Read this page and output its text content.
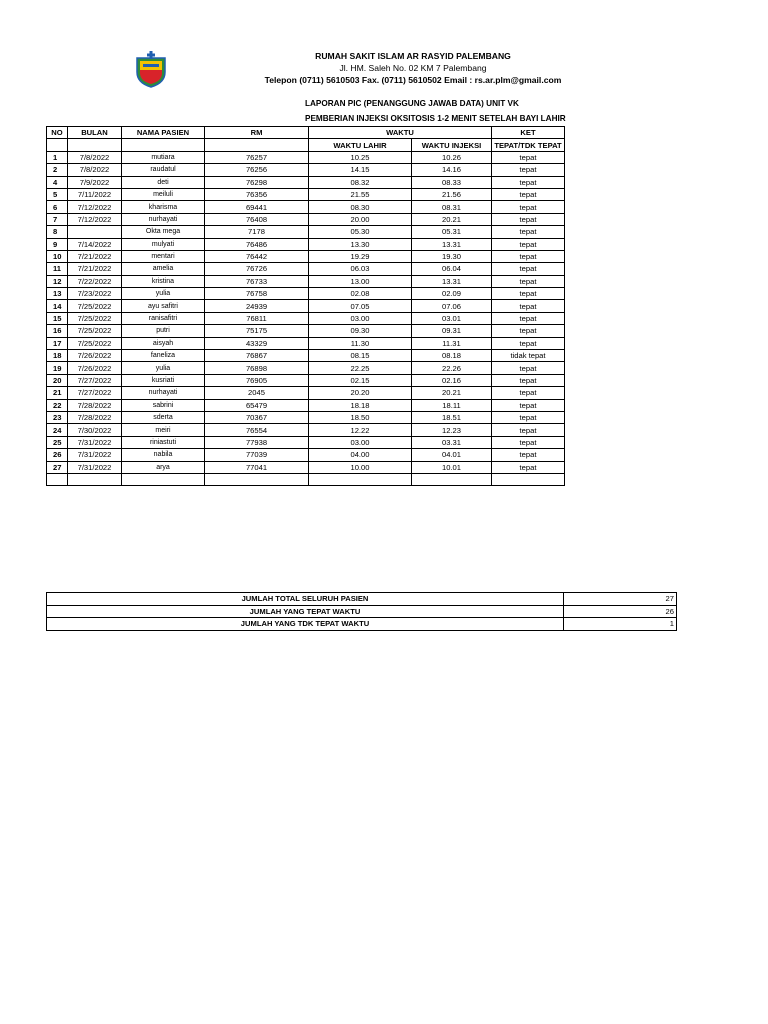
RUMAH SAKIT ISLAM AR RASYID PALEMBANG
Jl. HM. Saleh No. 02 KM 7 Palembang
Telepon (0711) 5610503 Fax. (0711) 5610502 Email : rs.ar.plm@gmail.com
LAPORAN PIC (PENANGGUNG JAWAB DATA) UNIT VK
PEMBERIAN INJEKSI OKSITOSIS 1-2 MENIT SETELAH BAYI LAHIR
NO	BULAN	NAMA PASIEN	RM	WAKTU		KET
				WAKTU LAHIR	WAKTU INJEKSI	TEPAT/TDK TEPAT
1	7/8/2022	mutiara	76257	10.25	10.26	tepat
2	7/8/2022	raudatul	76256	14.15	14.16	tepat
4	7/9/2022	deti	76298	08.32	08.33	tepat
5	7/11/2022	meiluli	76356	21.55	21.56	tepat
6	7/12/2022	kharisma	69441	08.30	08.31	tepat
7	7/12/2022	nurhayati	76408	20.00	20.21	tepat
8		Okta mega	7178	05.30	05.31	tepat
9	7/14/2022	mulyati	76486	13.30	13.31	tepat
10	7/21/2022	mentari	76442	19.29	19.30	tepat
11	7/21/2022	amelia	76726	06.03	06.04	tepat
12	7/22/2022	kristina	76733	13.00	13.31	tepat
13	7/23/2022	yulia	76758	02.08	02.09	tepat
14	7/25/2022	ayu safitri	24939	07.05	07.06	tepat
15	7/25/2022	ranisafitri	76811	03.00	03.01	tepat
16	7/25/2022	putri	75175	09.30	09.31	tepat
17	7/25/2022	aisyah	43329	11.30	11.31	tepat
18	7/26/2022	faneliza	76867	08.15	08.18	tidak tepat
19	7/26/2022	yulia	76898	22.25	22.26	tepat
20	7/27/2022	kusriati	76905	02.15	02.16	tepat
21	7/27/2022	nurhayati	2045	20.20	20.21	tepat
22	7/28/2022	sabrini	65479	18.18	18.11	tepat
23	7/28/2022	sderta	70367	18.50	18.51	tepat
24	7/30/2022	meiri	76554	12.22	12.23	tepat
25	7/31/2022	riniastuti	77938	03.00	03.31	tepat
26	7/31/2022	nabila	77039	04.00	04.01	tepat
27	7/31/2022	arya	77041	10.00	10.01	tepat

JUMLAH TOTAL SELURUH PASIEN	27
JUMLAH YANG TEPAT WAKTU	26
JUMLAH YANG TDK TEPAT WAKTU	1
